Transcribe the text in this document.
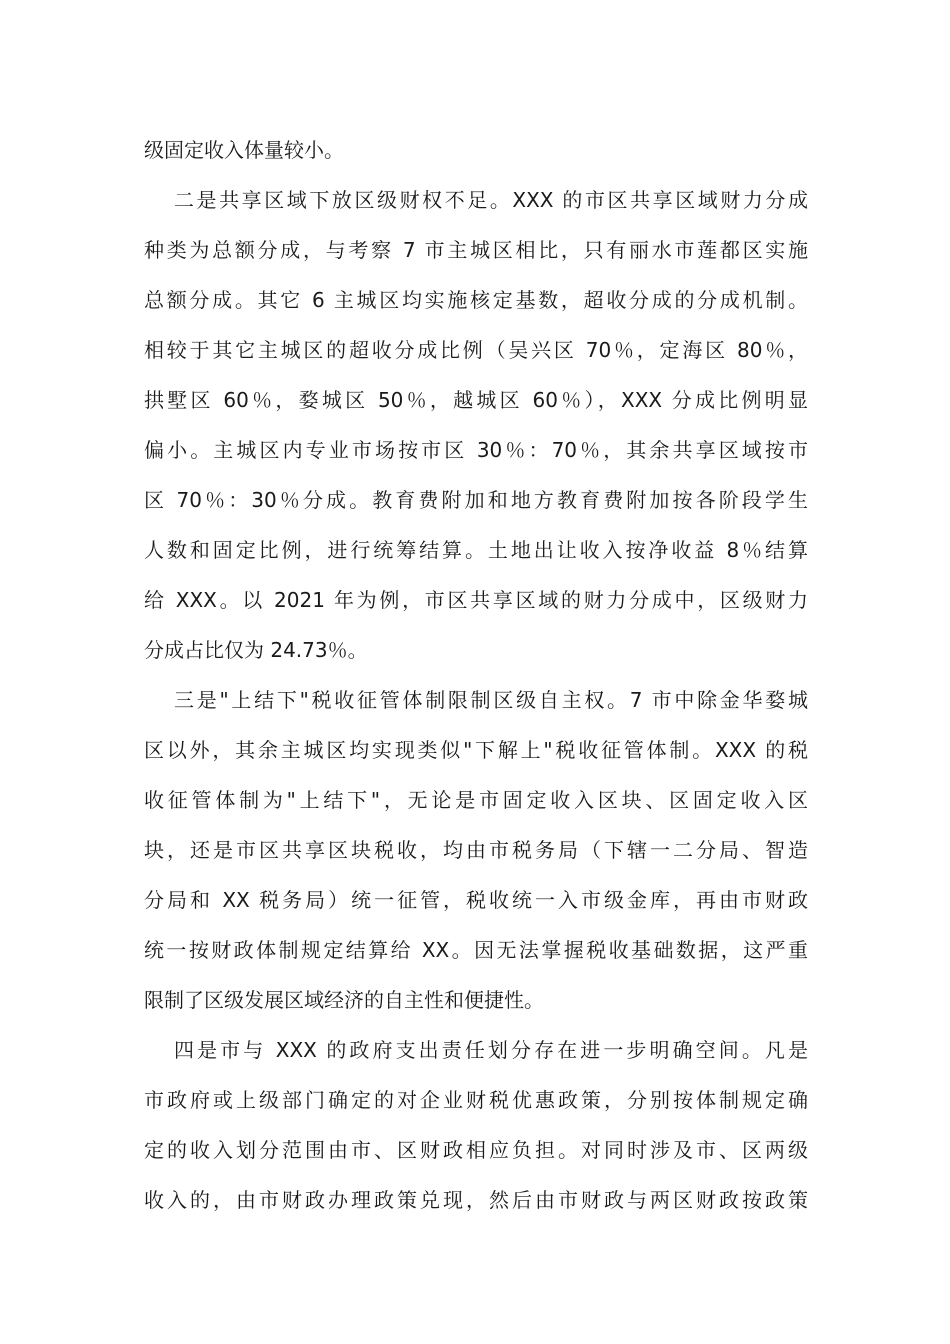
级固定收入体量较小。
二是共享区域下放区级财权不足。XXX 的市区共享区域财力分成
种类为总额分成，与考察 7 市主城区相比，只有丽水市莲都区实施
总额分成。其它 6 主城区均实施核定基数，超收分成的分成机制。
相较于其它主城区的超收分成比例（吴兴区 70％，定海区 80％，
拱墅区 60％，婺城区 50％，越城区 60％），XXX 分成比例明显
偏小。主城区内专业市场按市区 30％：70％，其余共享区域按市
区 70％：30％分成。教育费附加和地方教育费附加按各阶段学生
人数和固定比例，进行统筹结算。土地出让收入按净收益 8％结算
给 XXX。以 2021 年为例，市区共享区域的财力分成中，区级财力
分成占比仅为 24.73％。
三是"上结下"税收征管体制限制区级自主权。7 市中除金华婺城
区以外，其余主城区均实现类似"下解上"税收征管体制。XXX 的税
收征管体制为"上结下"，无论是市固定收入区块、区固定收入区
块，还是市区共享区块税收，均由市税务局（下辖一二分局、智造
分局和 XX 税务局）统一征管，税收统一入市级金库，再由市财政
统一按财政体制规定结算给 XX。因无法掌握税收基础数据，这严重
限制了区级发展区域经济的自主性和便捷性。
四是市与 XXX 的政府支出责任划分存在进一步明确空间。凡是
市政府或上级部门确定的对企业财税优惠政策，分别按体制规定确
定的收入划分范围由市、区财政相应负担。对同时涉及市、区两级
收入的，由市财政办理政策兑现，然后由市财政与两区财政按政策
